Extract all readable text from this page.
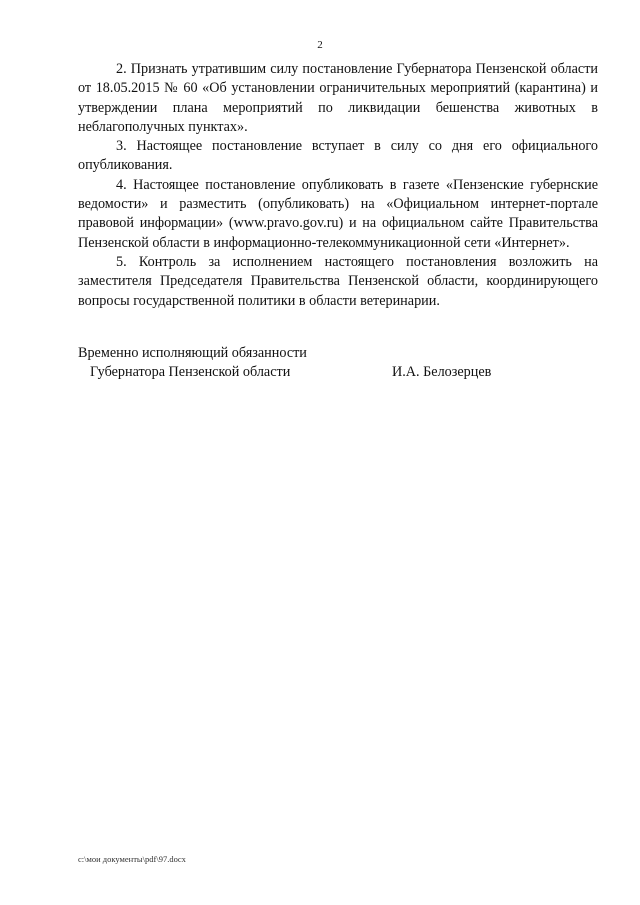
2

2. Признать утратившим силу постановление Губернатора Пензенской области от 18.05.2015 № 60 «Об установлении ограничительных мероприятий (карантина) и утверждении плана мероприятий по ликвидации бешенства животных в неблагополучных пунктах».

3. Настоящее постановление вступает в силу со дня его официального опубликования.

4. Настоящее постановление опубликовать в газете «Пензенские губернские ведомости» и разместить (опубликовать) на «Официальном интернет-портале правовой информации» (www.pravo.gov.ru) и на официальном сайте Правительства Пензенской области в информационно-телекоммуникационной сети «Интернет».

5. Контроль за исполнением настоящего постановления возложить на заместителя Председателя Правительства Пензенской области, координирующего вопросы государственной политики в области ветеринарии.

Временно исполняющий обязанности
Губернатора Пензенской области	И.А. Белозерцев
c:\мои документы\pdf\97.docx
